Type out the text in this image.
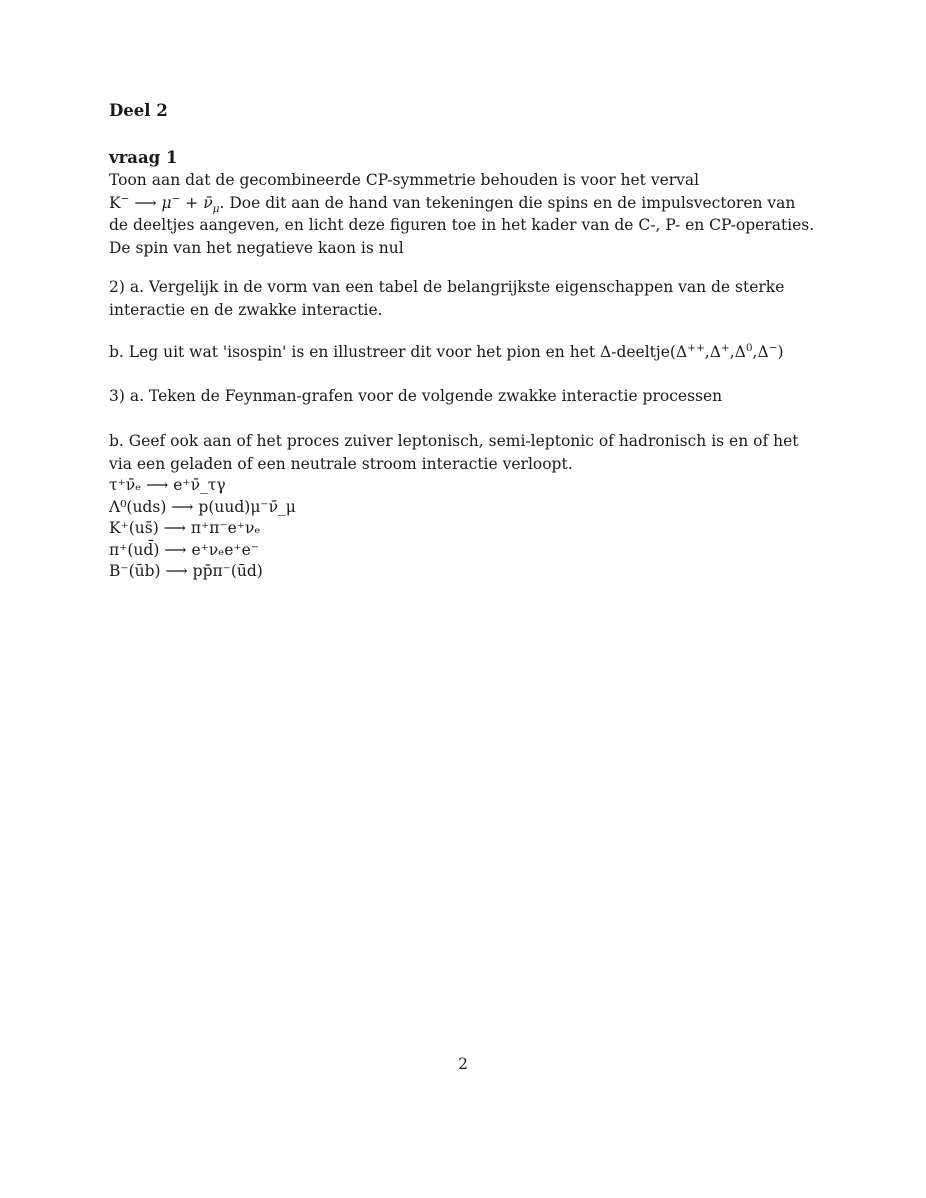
Deel 2
vraag 1

Toon aan dat de gecombineerde CP-symmetrie behouden is voor het verval

K− ⟶ $\mu^- + \nū_\mu$. Doe dit aan de hand van tekeningen die spins en de impulsvectoren van

de deeltjes aangeven, en licht deze figuren toe in het kader van de C-, P- en CP-operaties.

De spin van het negatieve kaon is nul

2) a. Vergelijk in de vorm van een tabel de belangrijkste eigenschappen van de sterke interactie en de zwakke interactie.

b. Leg uit wat 'isospin' is en illustreer dit voor het pion en het $\Delta-deeltje(\Delta^{++},\Delta^+,\Delta^0,\Delta^-)$

3) a. Teken de Feynman-grafen voor de volgende zwakke interactie processen

b. Geef ook aan of het proces zuiver leptonisch, semi-leptonic of hadronisch is en of het via een geladen of een neutrale stroom interactie verloopt.

τ⁺ν̄ₑ ⟶ e⁺ν̄_τγ
Λ⁰(uds) ⟶ p(uud)μ⁻ν̄_μ
K⁺(us̄) ⟶ π⁺π⁻e⁺νₑ
π⁺(ud̄) ⟶ e⁺νₑe⁺e⁻
B⁻(ūb) ⟶ pp̄π⁻(ūd)
2
